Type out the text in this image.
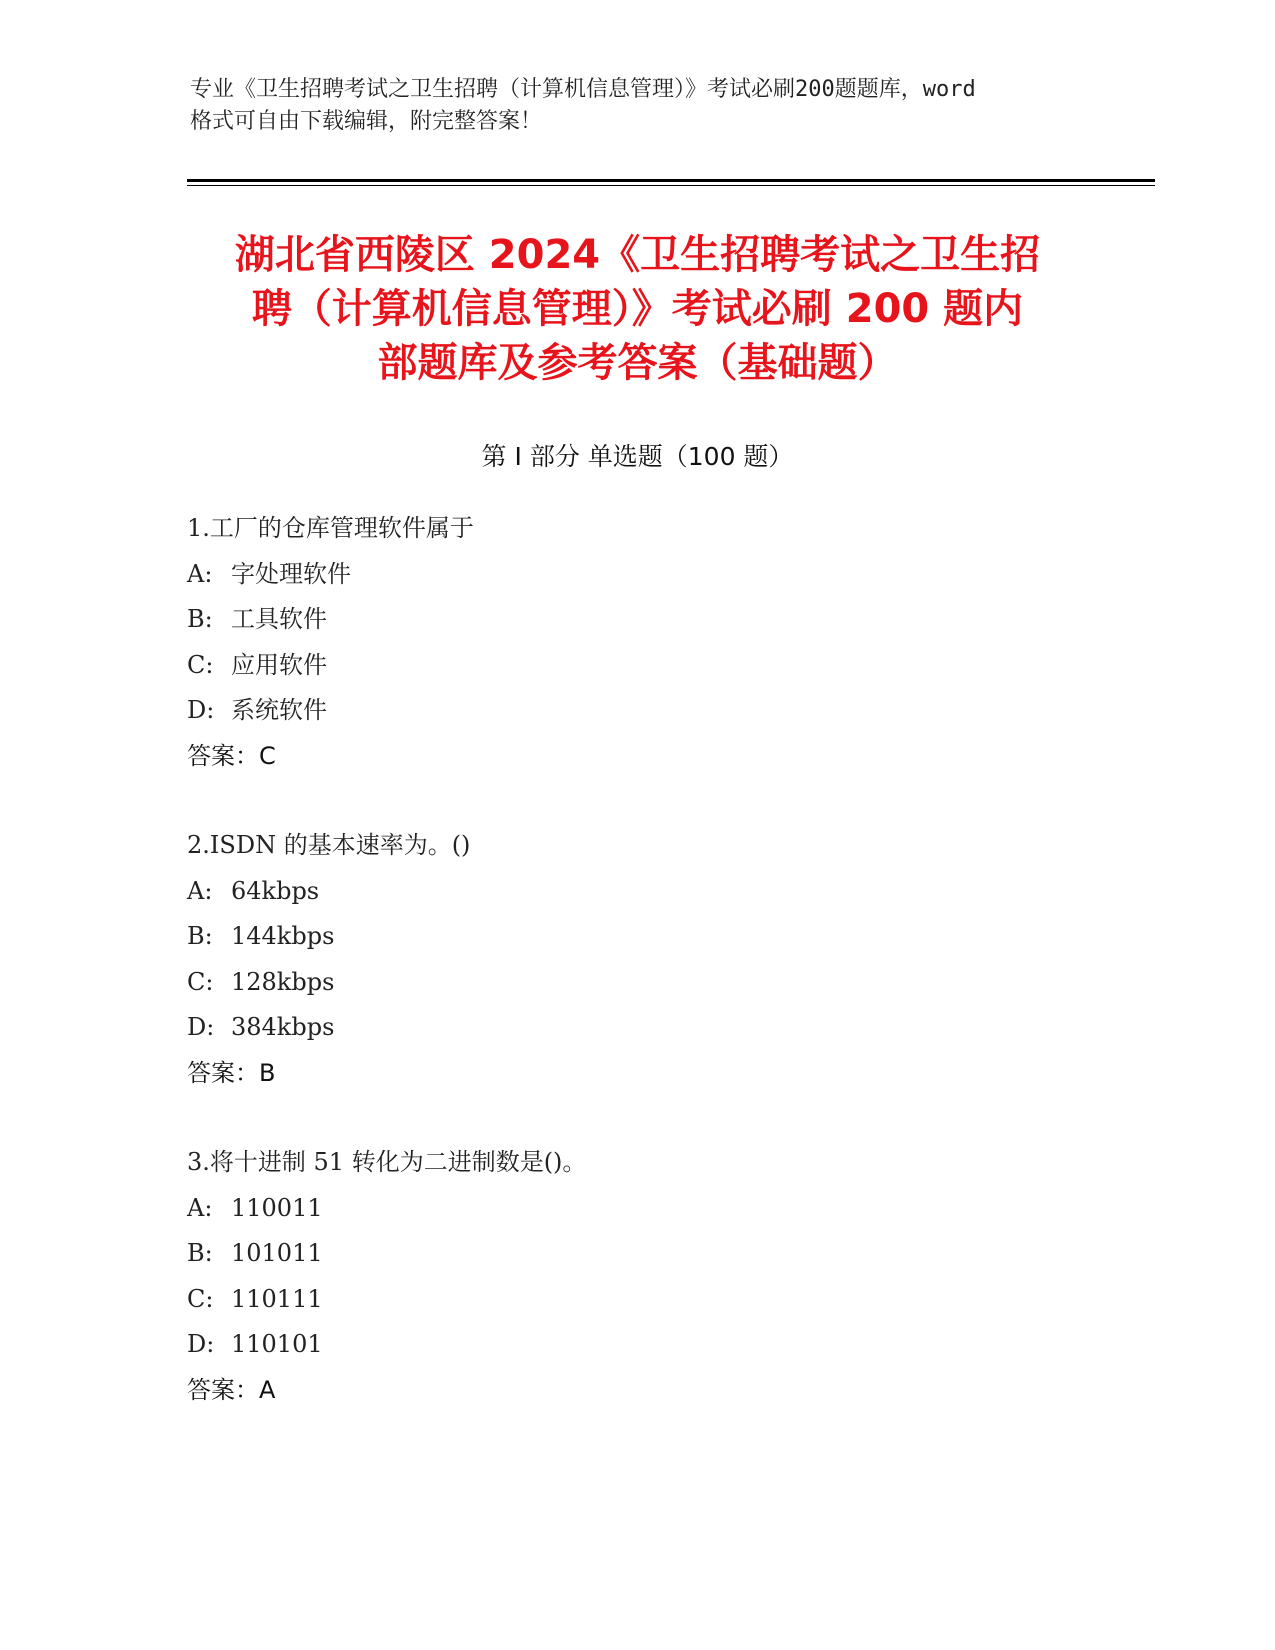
专业《卫生招聘考试之卫生招聘（计算机信息管理）》考试必刷200题题库，word
格式可自由下载编辑，附完整答案！
湖北省西陵区 2024《卫生招聘考试之卫生招
聘（计算机信息管理）》考试必刷 200 题内
部题库及参考答案（基础题）
第 I 部分 单选题（100 题）
1.工厂的仓库管理软件属于
A: 字处理软件
B: 工具软件
C: 应用软件
D: 系统软件
答案：C
2.ISDN 的基本速率为。()
A: 64kbps
B: 144kbps
C: 128kbps
D: 384kbps
答案：B
3.将十进制 51 转化为二进制数是()。
A: 110011
B: 101011
C: 110111
D: 110101
答案：A
